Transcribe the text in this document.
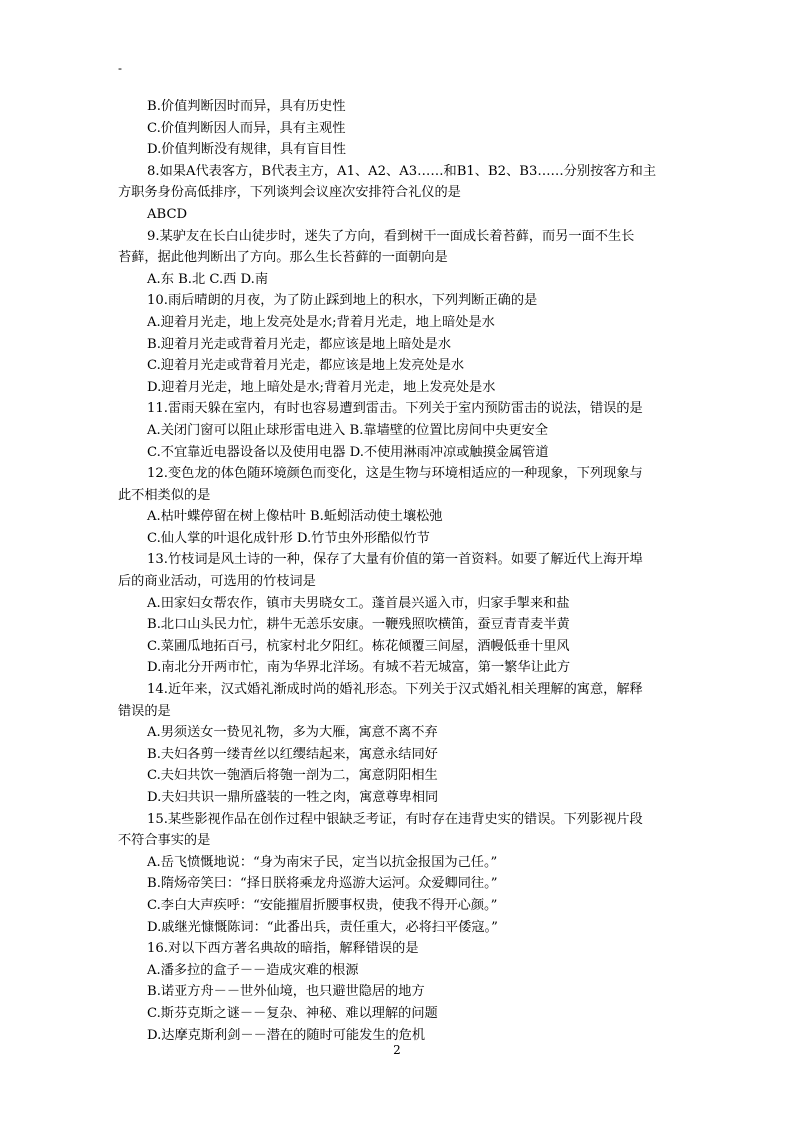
-
B.价值判断因时而异，具有历史性
C.价值判断因人而异，具有主观性
D.价值判断没有规律，具有盲目性
8.如果A代表客方，B代表主方，A1、A2、A3……和B1、B2、B3……分别按客方和主
方职务身份高低排序，下列谈判会议座次安排符合礼仪的是
ABCD
9.某驴友在长白山徒步时，迷失了方向，看到树干一面成长着苔藓，而另一面不生长
苔藓，据此他判断出了方向。那么生长苔藓的一面朝向是
A.东 B.北 C.西 D.南
10.雨后晴朗的月夜，为了防止踩到地上的积水，下列判断正确的是
A.迎着月光走，地上发亮处是水;背着月光走，地上暗处是水
B.迎着月光走或背着月光走，都应该是地上暗处是水
C.迎着月光走或背着月光走，都应该是地上发亮处是水
D.迎着月光走，地上暗处是水;背着月光走，地上发亮处是水
11.雷雨天躲在室内，有时也容易遭到雷击。下列关于室内预防雷击的说法，错误的是
A.关闭门窗可以阻止球形雷电进入 B.靠墙壁的位置比房间中央更安全
C.不宜靠近电器设备以及使用电器 D.不使用淋雨冲凉或触摸金属管道
12.变色龙的体色随环境颜色而变化，这是生物与环境相适应的一种现象，下列现象与
此不相类似的是
A.枯叶蝶停留在树上像枯叶 B.蚯蚓活动使土壤松弛
C.仙人掌的叶退化成针形 D.竹节虫外形酷似竹节
13.竹枝词是风土诗的一种，保存了大量有价值的第一首资料。如要了解近代上海开埠
后的商业活动，可选用的竹枝词是
A.田家妇女帮农作，镇市夫男晓女工。蓬首晨兴遥入市，归家手掣来和盐
B.北口山头民力忙，耕牛无恙乐安康。一鞭残照吹横笛，蚕豆青青麦半黄
C.菜圃瓜地拓百弓，杭家村北夕阳红。栋花倾覆三间屋，酒幔低垂十里风
D.南北分开两市忙，南为华界北洋场。有城不若无城富，第一繁华让此方
14.近年来，汉式婚礼渐成时尚的婚礼形态。下列关于汉式婚礼相关理解的寓意，解释
错误的是
A.男须送女一贽见礼物，多为大雁，寓意不离不弃
B.夫妇各剪一缕青丝以红缨结起来，寓意永结同好
C.夫妇共饮一匏酒后将匏一剖为二，寓意阴阳相生
D.夫妇共识一鼎所盛装的一牲之肉，寓意尊卑相同
15.某些影视作品在创作过程中银缺乏考证，有时存在违背史实的错误。下列影视片段
不符合事实的是
A.岳飞愤慨地说：“身为南宋子民，定当以抗金报国为己任。”
B.隋炀帝笑曰：“择日朕将乘龙舟巡游大运河。众爱卿同往。”
C.李白大声疾呼：“安能摧眉折腰事权贵，使我不得开心颜。”
D.戚继光慷慨陈词：“此番出兵，责任重大，必将扫平倭寇。”
16.对以下西方著名典故的暗指，解释错误的是
A.潘多拉的盒子－－造成灾难的根源
B.诺亚方舟－－世外仙境，也只避世隐居的地方
C.斯芬克斯之谜－－复杂、神秘、难以理解的问题
D.达摩克斯利剑－－潜在的随时可能发生的危机
2
